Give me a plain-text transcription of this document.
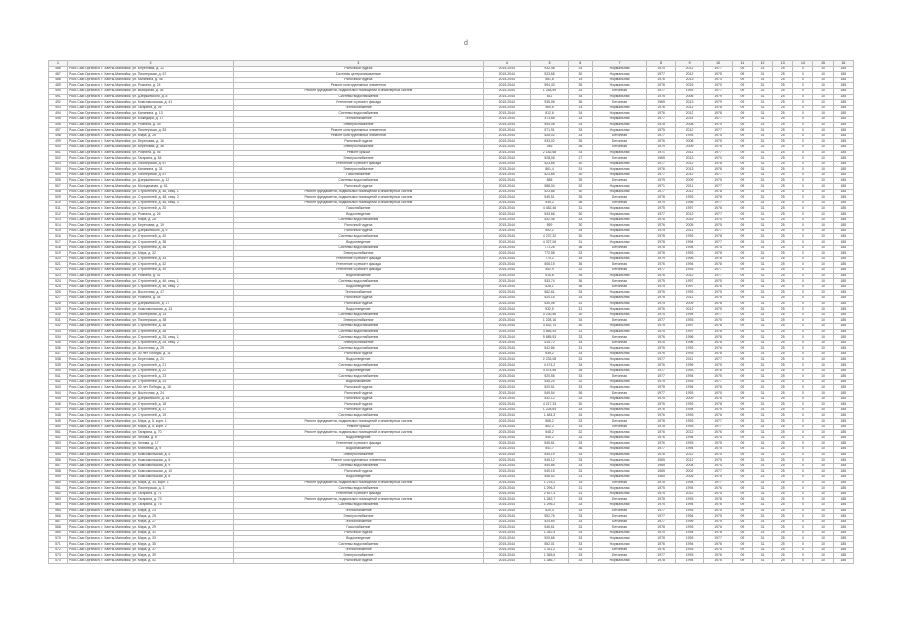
d
1	2	3	4	5	6	7	8	9	10	11	12	13	14	15	16
486	Росс.Сазг.Оргзнасп. г. Ханты-Мансийск, ул. Береговая, д. 12	Рыночный чудеса	2015-2044	932,48	33	Нормальная	1975	2012	1977	09	31	25	0	10	185
487	Росс.Сазг.Оргзнасп. г. Ханты-Мансийск, ул. Пионерская, д. 67	Системы централизованные	2015-2044	523,66	30	Нормальная	1977	2012	1975	09	31	25	0	10	185
488	Росс.Сазг.Оргзнасп. г. Ханты-Мансийск, ул. Калинина, д. 46	Рыночный чудеса	2015-2044	561,8	14	Нормальная	1976	2013	1974	09	31	25	0	10	185
489	Росс.Сазг.Оргзнасп. г. Ханты-Мансийск, ул. Рознина, д. 24	Ремонт конструктивных элементов	2015-2044	594,43	35	Нормальная	1978	2015	1970	09	31	25	0	10	185
490	Росс.Сазг.Оргзнасп. г. Ханты-Мансийск, ул. Выборная, д. 35	Ремонт фундамента, подвальных помещений и инженерных систем	2015-2044	1 248,59	33	Бетонная	1977	1993	1977	09	31	25	0	10	185
491	Росс.Сазг.Оргзнасп. г. Ханты-Мансийск, ул. Дзержинского, д. 8	Системы водоснабжения	2015-2044	811	34	Нормальная	1975	2006	1979	09	31	25	0	10	185
492	Росс.Сазг.Оргзнасп. г. Ханты-Мансийск, ул. Комсомольская, д. 41	Утепление и ремонт фасада	2015-2044	935,06	36	Бетонная	1965	2013	1979	09	31	25	0	10	185
493	Росс.Сазг.Оргзнасп. г. Ханты-Мансийск, ул. Гагарина, д. 26	Теплоснабжение	2015-2044	465,6	14	Нормальная	1976	2012	1978	09	31	25	0	10	185
494	Росс.Сазг.Оргзнасп. г. Ханты-Мансийск, ул. Калинина, д. 13	Системы водоснабжения	2015-2044	812,6	34	Нормальная	1976	2012	1978	09	31	25	0	10	185
495	Росс.Сазг.Оргзнасп. г. Ханты-Мансийск, ул. Божедара, д. 17	Теплоснабжение	2015-2044	473,68	33	Нормальная	1977	2014	1977	09	31	25	0	10	185
496	Росс.Сазг.Оргзнасп. г. Ханты-Мансийск, ул. Рознина, д. 39	Электроснабжение	2015-2044	544,08	33	Нормальная	1978	2008	1979	09	31	25	0	10	185
497	Росс.Сазг.Оргзнасп. г. Ханты-Мансийск, ул. Пионерская, д. 83	Ремонт конструктивных элементов	2015-2044	571,91	33	Нормальная	1975	2012	1977	09	31	25	0	10	185
498	Росс.Сазг.Оргзнасп. г. Ханты-Мансийск, ул. Мира, д. 25	Ремонт конструктивных элементов	2015-2044	528,02	33	Бетонная	1977	1993	1975	09	31	25	0	10	185
499	Росс.Сазг.Оргзнасп. г. Ханты-Мансийск, ул. Береговая, д. 16	Рыночный чудеса	2015-2044	533,02	35	Бетонная	1976	2008	1975	09	31	25	0	10	185
500	Росс.Сазг.Оргзнасп. г. Ханты-Мансийск, ул. Береговая, д. 36	Электроснабжение	2015-2044	346	36	Бетонная	1979	2009	1975	09	31	25	0	10	185
501	Росс.Сазг.Оргзнасп. г. Ханты-Мансийск, ул. Рознина, д. 46	Ремонт крыши	2015-2044	2 182,68	33	Нормальная	1971	2011	1977	09	31	25	0	10	185
502	Росс.Сазг.Оргзнасп. г. Ханты-Мансийск, ул. Гагарина, д. 54	Электроснабжение	2015-2044	528,06	27	Бетонная	1965	2013	1970	09	31	25	0	10	185
503	Росс.Сазг.Оргзнасп. г. Ханты-Мансийск, ул. Пионерская, д. 67	Утепление и ремонт фасада	2015-2044	523,66	30	Нормальная	1977	2012	1978	09	31	25	0	10	185
504	Росс.Сазг.Оргзнасп. г. Ханты-Мансийск, ул. Калинина, д. 31	Электроснабжение	2015-2044	861,4	31	Нормальная	1976	2013	1978	09	31	25	0	10	185
505	Росс.Сазг.Оргзнасп. г. Ханты-Мансийск, ул. Пионерская, д. 67	Газоснабжение	2015-2044	523,66	30	Нормальная	1977	2012	1977	09	31	25	0	10	185
506	Росс.Сазг.Оргзнасп. г. Ханты-Мансийск, ул. Дзержинского, д. 12	Системы водоснабжения	2015-2044	588	39	Бетонная	1979	2009	1975	09	31	25	0	10	185
507	Росс.Сазг.Оргзнасп. г. Ханты-Мансийск, ул. Молодежная, д. 61	Рыночный чудеса	2015-2044	588,04	32	Нормальная	1971	2011	1977	09	31	25	0	10	185
508	Росс.Сазг.Оргзнасп. г. Ханты-Мансийск, ул. Строителей, д. 48, секц. 1	Ремонт фундамента, подвальных помещений и инженерных систем	2015-2044	523,66	30	Нормальная	1977	2012	1978	09	31	25	0	10	185
509	Росс.Сазг.Оргзнасп. г. Ханты-Мансийск, ул. Строителей, д. 48, секц. 2	Ремонт фундамента, подвальных помещений и инженерных систем	2015-2044	549,51	35	Бетонная	1978	1993	1978	09	31	25	0	10	185
510	Росс.Сазг.Оргзнасп. г. Ханты-Мансийск, ул. Строителей, д. 48, секц. 3	Ремонт фундамента, подвальных помещений и инженерных систем	2015-2044	535,2	36	Бетонная	1975	1995	1977	09	31	25	0	10	185
511	Росс.Сазг.Оргзнасп. г. Ханты-Мансийск, ул. Строителей, д. 20	Газоснабжение	2015-2044	4 482,46	31	Нормальная	1975	1997	1978	09	31	25	0	10	185
512	Росс.Сазг.Оргзнасп. г. Ханты-Мансийск, ул. Рознина, д. 26	Водоотведение	2015-2044	543,66	30	Нормальная	1977	2012	1977	09	31	25	0	10	185
513	Росс.Сазг.Оргзнасп. г. Ханты-Мансийск, ул. Мира, д. 28	Системы водоснабжения	2015-2044	542,46	33	Нормальная	1978	2015	1974	09	31	25	0	10	185
514	Росс.Сазг.Оргзнасп. г. Ханты-Мансийск, ул. Береговая, д. 19	Рыночный чудеса	2015-2044	559	30	Нормальная	1976	2005	1975	09	31	25	0	10	185
515	Росс.Сазг.Оргзнасп. г. Ханты-Мансийск, ул. Дзержинского, д. 9	Рыночный чудеса	2015-2044	592,2	34	Нормальная	1975	2011	1977	09	31	25	0	10	185
516	Росс.Сазг.Оргзнасп. г. Ханты-Мансийск, ул. Строителей, д. 40	Системы водоснабжения	2015-2044	4 237,32	30	Нормальная	1978	1993	1978	09	31	25	0	10	185
517	Росс.Сазг.Оргзнасп. г. Ханты-Мансийск, ул. Строителей, д. 38	Водоотведение	2015-2044	4 327,06	31	Нормальная	1978	1994	1977	09	31	25	0	10	185
518	Росс.Сазг.Оргзнасп. г. Ханты-Мансийск, ул. Строителей, д. 36	Системы водоснабжения	2015-2044	771,26	36	Бетонная	1978	1994	1975	09	31	25	0	10	185
519	Росс.Сазг.Оргзнасп. г. Ханты-Мансийск, ул. Мира, д. 32	Электроснабжение	2015-2044	772,58	33	Нормальная	1978	1993	1978	09	31	25	0	10	185
520	Росс.Сазг.Оргзнасп. г. Ханты-Мансийск, ул. Строителей, д. 34	Утепление и ремонт фасада	2015-2044	774,2	34	Нормальная	1979	1995	1976	09	31	25	0	10	185
521	Росс.Сазг.Оргзнасп. г. Ханты-Мансийск, ул. Строителей, д. 32	Утепление и ремонт фасада	2015-2044	508,15	36	Бетонная	1976	1994	1978	09	31	25	0	10	185
522	Росс.Сазг.Оргзнасп. г. Ханты-Мансийск, ул. Строителей, д. 30	Утепление и ремонт фасада	2015-2044	552,9	32	Бетонная	1977	1993	1977	09	31	25	0	10	185
523	Росс.Сазг.Оргзнасп. г. Ханты-Мансийск, ул. Рознина, д. 41	Водоснабжение	2015-2044	516,6	35	Нормальная	1976	2012	1977	09	31	25	0	10	185
524	Росс.Сазг.Оргзнасп. г. Ханты-Мансийск, ул. Строителей, д. 46, секц. 1	Системы водоснабжения	2015-2044	533,74	36	Бетонная	1975	1997	1975	09	31	25	0	10	185
525	Росс.Сазг.Оргзнасп. г. Ханты-Мансийск, ул. Строителей, д. 46, секц. 2	Водоотведение	2015-2044	528,1	36	Бетонная	1975	1997	1976	09	31	25	0	10	185
526	Росс.Сазг.Оргзнасп. г. Ханты-Мансийск, ул. Восточная, д. 47	Теплоснабжение	2015-2044	562,61	34	Нормальная	1976	1993	1975	09	31	25	0	10	185
527	Росс.Сазг.Оргзнасп. г. Ханты-Мансийск, ул. Рознина, д. 44	Рыночный чудеса	2015-2044	524,16	33	Нормальная	1978	2011	1975	09	31	25	0	10	185
528	Росс.Сазг.Оргзнасп. г. Ханты-Мансийск, ул. Дзержинского, д. 17	Рыночный чудеса	2015-2044	530,06	31	Нормальная	1975	2009	1978	09	31	25	0	10	185
529	Росс.Сазг.Оргзнасп. г. Ханты-Мансийск, ул. Комсомольская, д. 13	Водоотведение	2015-2044	532,5	31	Нормальная	1976	2012	1975	09	31	25	0	10	185
530	Росс.Сазг.Оргзнасп. г. Ханты-Мансийск, ул. Пионерская, д. 14	Системы водоснабжения	2015-2044	4 230,56	30	Нормальная	1975	1994	1977	09	31	25	0	10	185
531	Росс.Сазг.Оргзнасп. г. Ханты-Мансийск, ул. Пионерская, д. 38	Электроснабжение	2015-2044	1 228,16	34	Бетонная	1977	1993	1975	09	31	25	0	10	185
532	Росс.Сазг.Оргзнасп. г. Ханты-Мансийск, ул. Строителей, д. 36	Системы водоснабжения	2015-2044	4 632,74	30	Нормальная	1975	1997	1976	09	31	25	0	10	185
533	Росс.Сазг.Оргзнасп. г. Ханты-Мансийск, ул. Строителей, д. 36	Системы водоснабжения	2015-2044	4 865,44	31	Нормальная	1975	1997	1976	09	31	25	0	10	185
534	Росс.Сазг.Оргзнасп. г. Ханты-Мансийск, ул. Строителей, д. 25, секц. 1	Системы водоснабжения	2015-2044	5 685,53	33	Бетонная	1976	1996	1978	09	31	25	0	10	185
535	Росс.Сазг.Оргзнасп. г. Ханты-Мансийск, ул. Строителей, д. 25, секц. 2	Электроснабжение	2015-2044	515,72	33	Бетонная	1976	1996	1978	09	31	25	0	10	185
536	Росс.Сазг.Оргзнасп. г. Ханты-Мансийск, ул. Восточная, д. 29	Системы водоснабжения	2015-2044	542,86	31	Нормальная	1976	1993	1976	09	31	25	0	10	185
537	Росс.Сазг.Оргзнасп. г. Ханты-Мансийск, ул. 30 лет Победы, д. 11	Рыночный чудеса	2015-2044	535,2	33	Нормальная	1976	1993	1978	09	31	25	0	10	185
538	Росс.Сазг.Оргзнасп. г. Ханты-Мансийск, ул. Береговая, д. 21	Водоотведение	2015-2044	2 233,08	33	Нормальная	1977	2011	1977	09	31	25	0	10	185
539	Росс.Сазг.Оргзнасп. г. Ханты-Мансийск, ул. Строителей, д. 21	Системы водоснабжения	2015-2044	4 474,2	34	Нормальная	1976	1995	1975	09	31	25	0	10	185
540	Росс.Сазг.Оргзнасп. г. Ханты-Мансийск, ул. Строителей, д. 22	Водоотведение	2015-2044	4 474,56	35	Нормальная	1977	1993	1976	09	31	25	0	10	185
541	Росс.Сазг.Оргзнасп. г. Ханты-Мансийск, ул. Строителей, д. 23	Системы водоснабжения	2015-2044	520,56	33	Бетонная	1977	1994	1975	09	31	25	0	10	185
542	Росс.Сазг.Оргзнасп. г. Ханты-Мансийск, ул. Строителей, д. 24	Водоснабжение	2015-2044	535,24	32	Нормальная	1975	1993	1977	09	31	25	0	10	185
543	Росс.Сазг.Оргзнасп. г. Ханты-Мансийск, ул. 30 лет Победы, д. 15	Рыночный чудеса	2015-2044	520,51	33	Нормальная	1978	1994	1978	09	31	25	0	10	185
544	Росс.Сазг.Оргзнасп. г. Ханты-Мансийск, ул. Восточная, д. 24	Рыночный чудеса	2015-2044	549,54	36	Бетонная	1977	1993	1975	09	31	25	0	10	185
545	Росс.Сазг.Оргзнасп. г. Ханты-Мансийск, ул. Дзержинского, д. 34	Рыночный чудеса	2015-2044	532,12	33	Нормальная	1975	2009	1976	09	31	25	0	10	185
546	Росс.Сазг.Оргзнасп. г. Ханты-Мансийск, ул. Строителей, д. 18	Рыночный чудеса	2015-2044	4 217,33	30	Нормальная	1976	1993	1978	09	31	25	0	10	185
547	Росс.Сазг.Оргзнасп. г. Ханты-Мансийск, ул. Строителей, д. 17	Рыночный чудеса	2015-2044	1 228,64	33	Нормальная	1976	1994	1975	09	31	25	0	10	185
548	Росс.Сазг.Оргзнасп. г. Ханты-Мансийск, ул. Строителей, д. 19	Системы водоснабжения	2015-2044	1 484,3	34	Нормальная	1976	1993	1976	09	31	25	0	10	185
549	Росс.Сазг.Оргзнасп. г. Ханты-Мансийск, ул. Мира, д. 5, корп. 1	Ремонт фундамента, подвальных помещений и инженерных систем	2015-2044	568,2	33	Бетонная	1978	1993	1977	09	31	25	0	10	185
550	Росс.Сазг.Оргзнасп. г. Ханты-Мансийск, ул. Мира, д. 5, корп. 2	Ремонт крыши	2015-2044	562,2	33	Бетонная	1978	1993	1977	09	31	25	0	10	185
551	Росс.Сазг.Оргзнасп. г. Ханты-Мансийск, ул. Гагарина, д. 70	Ремонт фундамента, подвальных помещений и инженерных систем	2015-2044	548,2	32	Нормальная	1976	2012	1976	09	31	25	0	10	185
552	Росс.Сазг.Оргзнасп. г. Ханты-Мансийск, ул. Чехова, д. 8	Водоотведение	2015-2044	540,2	33	Нормальная	1976	1994	1975	09	31	25	0	10	185
553	Росс.Сазг.Оргзнасп. г. Ханты-Мансийск, ул. Чехова, д. 17	Утепление и ремонт фасада	2015-2044	545,61	33	Нормальная	1976	1993	1975	09	31	25	0	10	185
554	Росс.Сазг.Оргзнасп. г. Ханты-Мансийск, ул. Ключевая, д. 9	Водоснабжение	2015-2044	541,7	36	Нормальная	1977	1994	1975	09	31	25	0	10	185
555	Росс.Сазг.Оргзнасп. г. Ханты-Мансийск, ул. Комсомольская, д. 5	Электроснабжение	2015-2044	544,19	33	Нормальная	1976	2012	1975	09	31	25	0	10	185
556	Росс.Сазг.Оргзнасп. г. Ханты-Мансийск, ул. Комсомольская, д. 6	Ремонт конструктивных элементов	2015-2044	545,12	33	Нормальная	1965	2012	1975	09	31	25	0	10	185
557	Росс.Сазг.Оргзнасп. г. Ханты-Мансийск, ул. Комсомольская, д. 9	Системы водоснабжения	2015-2044	544,88	33	Нормальная	1965	2004	1974	09	31	25	0	10	185
558	Росс.Сазг.Оргзнасп. г. Ханты-Мансийск, ул. Комсомольская, д. 10	Рыночный чудеса	2015-2044	549,15	33	Нормальная	1965	2002	1977	09	31	25	0	10	185
559	Росс.Сазг.Оргзнасп. г. Ханты-Мансийск, ул. Комсомольская, д. 8	Водоотведение	2015-2044	546,52	31	Нормальная	1965	2005	1975	09	31	25	0	10	185
560	Росс.Сазг.Оргзнасп. г. Ханты-Мансийск, ул. Мира, д. 34, корп. 1	Ремонт фундамента, подвальных помещений и инженерных систем	2015-2044	1 276,2	33	Бетонная	1978	1994	1977	09	31	25	0	10	185
561	Росс.Сазг.Оргзнасп. г. Ханты-Мансийск, ул. Пионерская, д. 3	Системы водоснабжения	2015-2044	1 296,2	31	Нормальная	1975	1994	1976	09	31	25	0	10	185
562	Росс.Сазг.Оргзнасп. г. Ханты-Мансийск, ул. Гагарина, д. 71	Утепление и ремонт фасада	2015-2044	2 537,4	31	Нормальная	1975	2012	1975	09	31	25	0	10	185
563	Росс.Сазг.Оргзнасп. г. Ханты-Мансийск, ул. Гагарина, д. 73	Ремонт фундамента, подвальных помещений и инженерных систем	2015-2044	1 282,7	33	Бетонная	1978	1993	1978	09	31	25	0	10	185
564	Росс.Сазг.Оргзнасп. г. Ханты-Мансийск, ул. Гагарина, д. 75	Системы водоснабжения	2015-2044	1 296,2	33	Нормальная	1975	1994	1976	09	31	25	0	10	185
565	Росс.Сазг.Оргзнасп. г. Ханты-Мансийск, ул. Мира, д. 23	Теплоснабжение	2015-2044	520,4	33	Бетонная	1977	1993	1975	09	31	25	0	10	185
566	Росс.Сазг.Оргзнасп. г. Ханты-Мансийск, ул. Мира, д. 25	Электроснабжение	2015-2044	552,76	33	Бетонная	1977	1994	1975	09	31	25	0	10	185
567	Росс.Сазг.Оргзнасп. г. Ханты-Мансийск, ул. Мира, д. 27	Теплоснабжение	2015-2044	524,69	33	Бетонная	1977	1995	1975	09	31	25	0	10	185
568	Росс.Сазг.Оргзнасп. г. Ханты-Мансийск, ул. Мира, д. 29	Газоснабжение	2015-2044	546,61	33	Бетонная	1978	1993	1976	09	31	25	0	10	185
569	Росс.Сазг.Оргзнасп. г. Ханты-Мансийск, ул. Мира, д. 31	Рыночный чудеса	2015-2044	1 282,4	33	Нормальная	1975	1994	1978	09	31	25	0	10	185
570	Росс.Сазг.Оргзнасп. г. Ханты-Мансийск, ул. Мира, д. 33	Водоотведение	2015-2044	520,66	33	Нормальная	1978	1993	1977	09	31	25	0	10	185
571	Росс.Сазг.Оргзнасп. г. Ханты-Мансийск, ул. Мира, д. 35	Системы водоснабжения	2015-2044	552,01	33	Нормальная	1976	1994	1976	09	31	25	0	10	185
572	Росс.Сазг.Оргзнасп. г. Ханты-Мансийск, ул. Мира, д. 37	Теплоснабжение	2015-2044	1 311,2	33	Бетонная	1976	1993	1975	09	31	25	0	10	185
573	Росс.Сазг.Оргзнасп. г. Ханты-Мансийск, ул. Мира, д. 39	Электроснабжение	2015-2044	1 365,6	33	Бетонная	1977	1993	1976	09	31	25	0	10	185
574	Росс.Сазг.Оргзнасп. г. Ханты-Мансийск, ул. Мира, д. 41	Рыночный чудеса	2015-2044	1 386,7	33	Нормальная	1978	1994	1976	09	31	25	0	10	185
